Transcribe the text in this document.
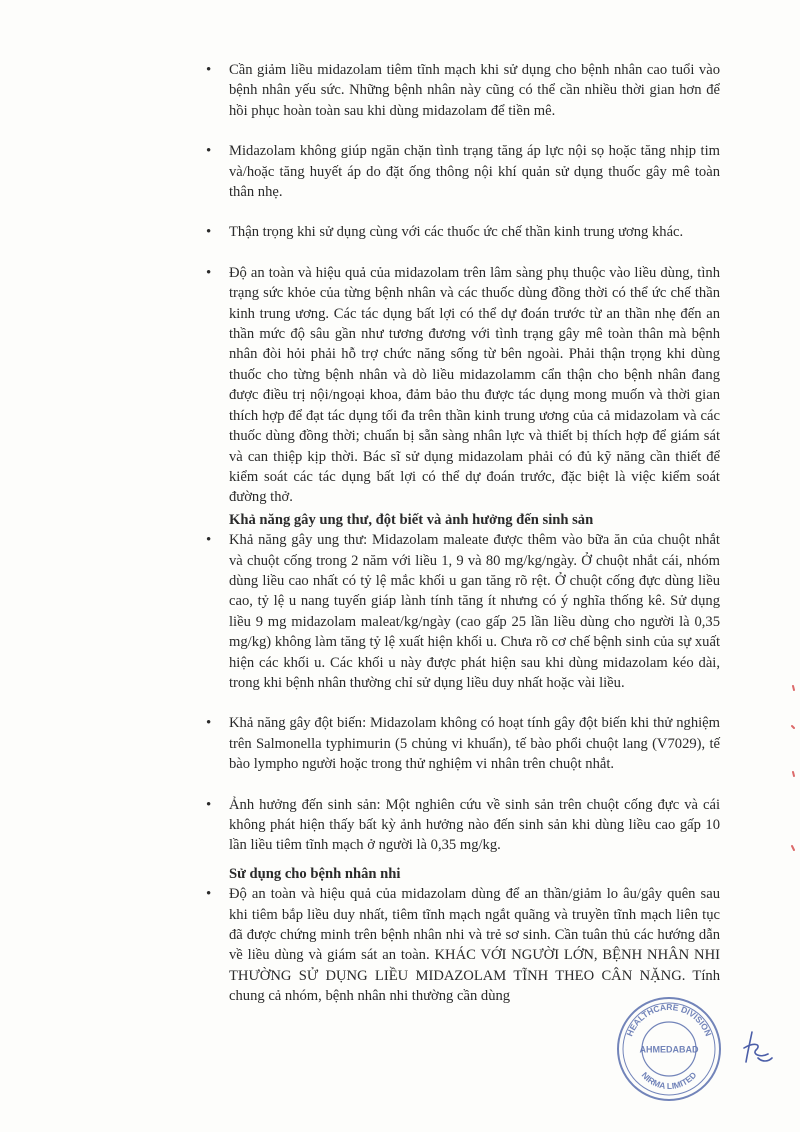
• Cần giảm liều midazolam tiêm tĩnh mạch khi sử dụng cho bệnh nhân cao tuổi vào bệnh nhân yếu sức. Những bệnh nhân này cũng có thể cần nhiều thời gian hơn để hồi phục hoàn toàn sau khi dùng midazolam để tiền mê.
• Midazolam không giúp ngăn chặn tình trạng tăng áp lực nội sọ hoặc tăng nhịp tim và/hoặc tăng huyết áp do đặt ống thông nội khí quản sử dụng thuốc gây mê toàn thân nhẹ.
• Thận trọng khi sử dụng cùng với các thuốc ức chế thần kinh trung ương khác.
• Độ an toàn và hiệu quả của midazolam trên lâm sàng phụ thuộc vào liều dùng, tình trạng sức khỏe của từng bệnh nhân và các thuốc dùng đồng thời có thể ức chế thần kinh trung ương. Các tác dụng bất lợi có thể dự đoán trước từ an thần nhẹ đến an thần mức độ sâu gần như tương đương với tình trạng gây mê toàn thân mà bệnh nhân đòi hỏi phải hỗ trợ chức năng sống từ bên ngoài. Phải thận trọng khi dùng thuốc cho từng bệnh nhân và dò liều midazolamm cẩn thận cho bệnh nhân đang được điều trị nội/ngoại khoa, đảm bảo thu được tác dụng mong muốn và thời gian thích hợp để đạt tác dụng tối đa trên thần kinh trung ương của cả midazolam và các thuốc dùng đồng thời; chuẩn bị sẵn sàng nhân lực và thiết bị thích hợp để giám sát và can thiệp kịp thời. Bác sĩ sử dụng midazolam phải có đủ kỹ năng cần thiết để kiểm soát các tác dụng bất lợi có thể dự đoán trước, đặc biệt là việc kiểm soát đường thở.
Khả năng gây ung thư, đột biết và ảnh hưởng đến sinh sản
• Khả năng gây ung thư: Midazolam maleate được thêm vào bữa ăn của chuột nhắt và chuột cống trong 2 năm với liều 1, 9 và 80 mg/kg/ngày. Ở chuột nhắt cái, nhóm dùng liều cao nhất có tỷ lệ mắc khối u gan tăng rõ rệt. Ở chuột cống đực dùng liều cao, tỷ lệ u nang tuyến giáp lành tính tăng ít nhưng có ý nghĩa thống kê. Sử dụng liều 9 mg midazolam maleat/kg/ngày (cao gấp 25 lần liều dùng cho người là 0,35 mg/kg) không làm tăng tỷ lệ xuất hiện khối u. Chưa rõ cơ chế bệnh sinh của sự xuất hiện các khối u. Các khối u này được phát hiện sau khi dùng midazolam kéo dài, trong khi bệnh nhân thường chỉ sử dụng liều duy nhất hoặc vài liều.
• Khả năng gây đột biến: Midazolam không có hoạt tính gây đột biến khi thử nghiệm trên Salmonella typhimurin (5 chủng vi khuẩn), tế bào phổi chuột lang (V7029), tế bào lympho người hoặc trong thử nghiệm vi nhân trên chuột nhắt.
• Ảnh hưởng đến sinh sản: Một nghiên cứu về sinh sản trên chuột cống đực và cái không phát hiện thấy bất kỳ ảnh hưởng nào đến sinh sản khi dùng liều cao gấp 10 lần liều tiêm tĩnh mạch ở người là 0,35 mg/kg.
Sử dụng cho bệnh nhân nhi
• Độ an toàn và hiệu quả của midazolam dùng để an thần/giảm lo âu/gây quên sau khi tiêm bắp liều duy nhất, tiêm tĩnh mạch ngắt quãng và truyền tĩnh mạch liên tục đã được chứng minh trên bệnh nhân nhi và trẻ sơ sinh. Cần tuân thủ các hướng dẫn về liều dùng và giám sát an toàn. KHÁC VỚI NGƯỜI LỚN, BỆNH NHÂN NHI THƯỜNG SỬ DỤNG LIỀU MIDAZOLAM TĨNH THEO CÂN NẶNG. Tính chung cả nhóm, bệnh nhân nhi thường cần dùng
HEALTHCARE DIVISION
NIRMA LIMITED
AHMEDABAD
